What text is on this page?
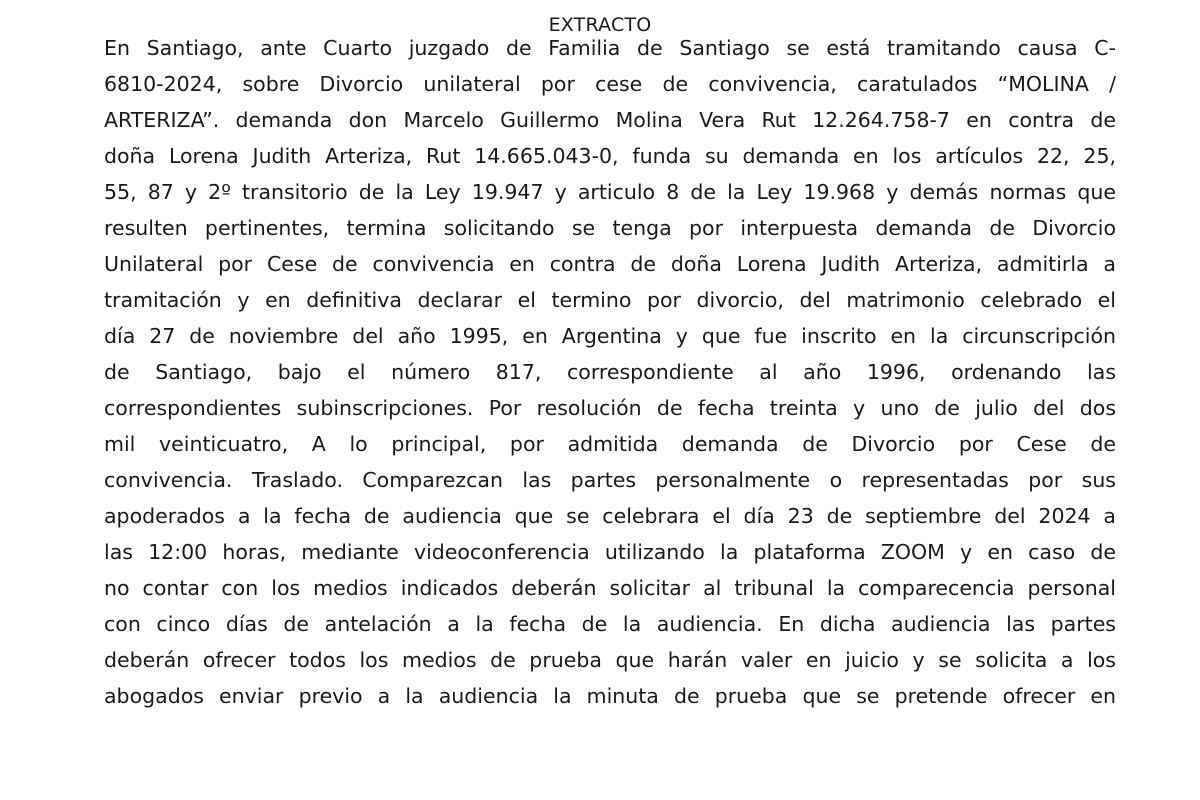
EXTRACTO
En Santiago, ante Cuarto juzgado de Familia de Santiago se está tramitando causa C-
6810-2024, sobre Divorcio unilateral por cese de convivencia, caratulados “MOLINA /
ARTERIZA”. demanda don Marcelo Guillermo Molina Vera Rut 12.264.758-7 en contra de
doña Lorena Judith Arteriza, Rut 14.665.043-0, funda su demanda en los artículos 22, 25,
55, 87 y 2º transitorio de la Ley 19.947 y articulo 8 de la Ley 19.968 y demás normas que
resulten pertinentes, termina solicitando se tenga por interpuesta demanda de Divorcio
Unilateral por Cese de convivencia en contra de doña Lorena Judith Arteriza, admitirla a
tramitación y en definitiva declarar el termino por divorcio, del matrimonio celebrado el
día 27 de noviembre del año 1995, en Argentina y que fue inscrito en la circunscripción
de Santiago, bajo el número 817, correspondiente al año 1996, ordenando las
correspondientes subinscripciones. Por resolución de fecha treinta y uno de julio del dos
mil veinticuatro, A lo principal, por admitida demanda de Divorcio por Cese de
convivencia. Traslado. Comparezcan las partes personalmente o representadas por sus
apoderados a la fecha de audiencia que se celebrara el día 23 de septiembre del 2024 a
las 12:00 horas, mediante videoconferencia utilizando la plataforma ZOOM y en caso de
no contar con los medios indicados deberán solicitar al tribunal la comparecencia personal
con cinco días de antelación a la fecha de la audiencia. En dicha audiencia las partes
deberán ofrecer todos los medios de prueba que harán valer en juicio y se solicita a los
abogados enviar previo a la audiencia la minuta de prueba que se pretende ofrecer en
